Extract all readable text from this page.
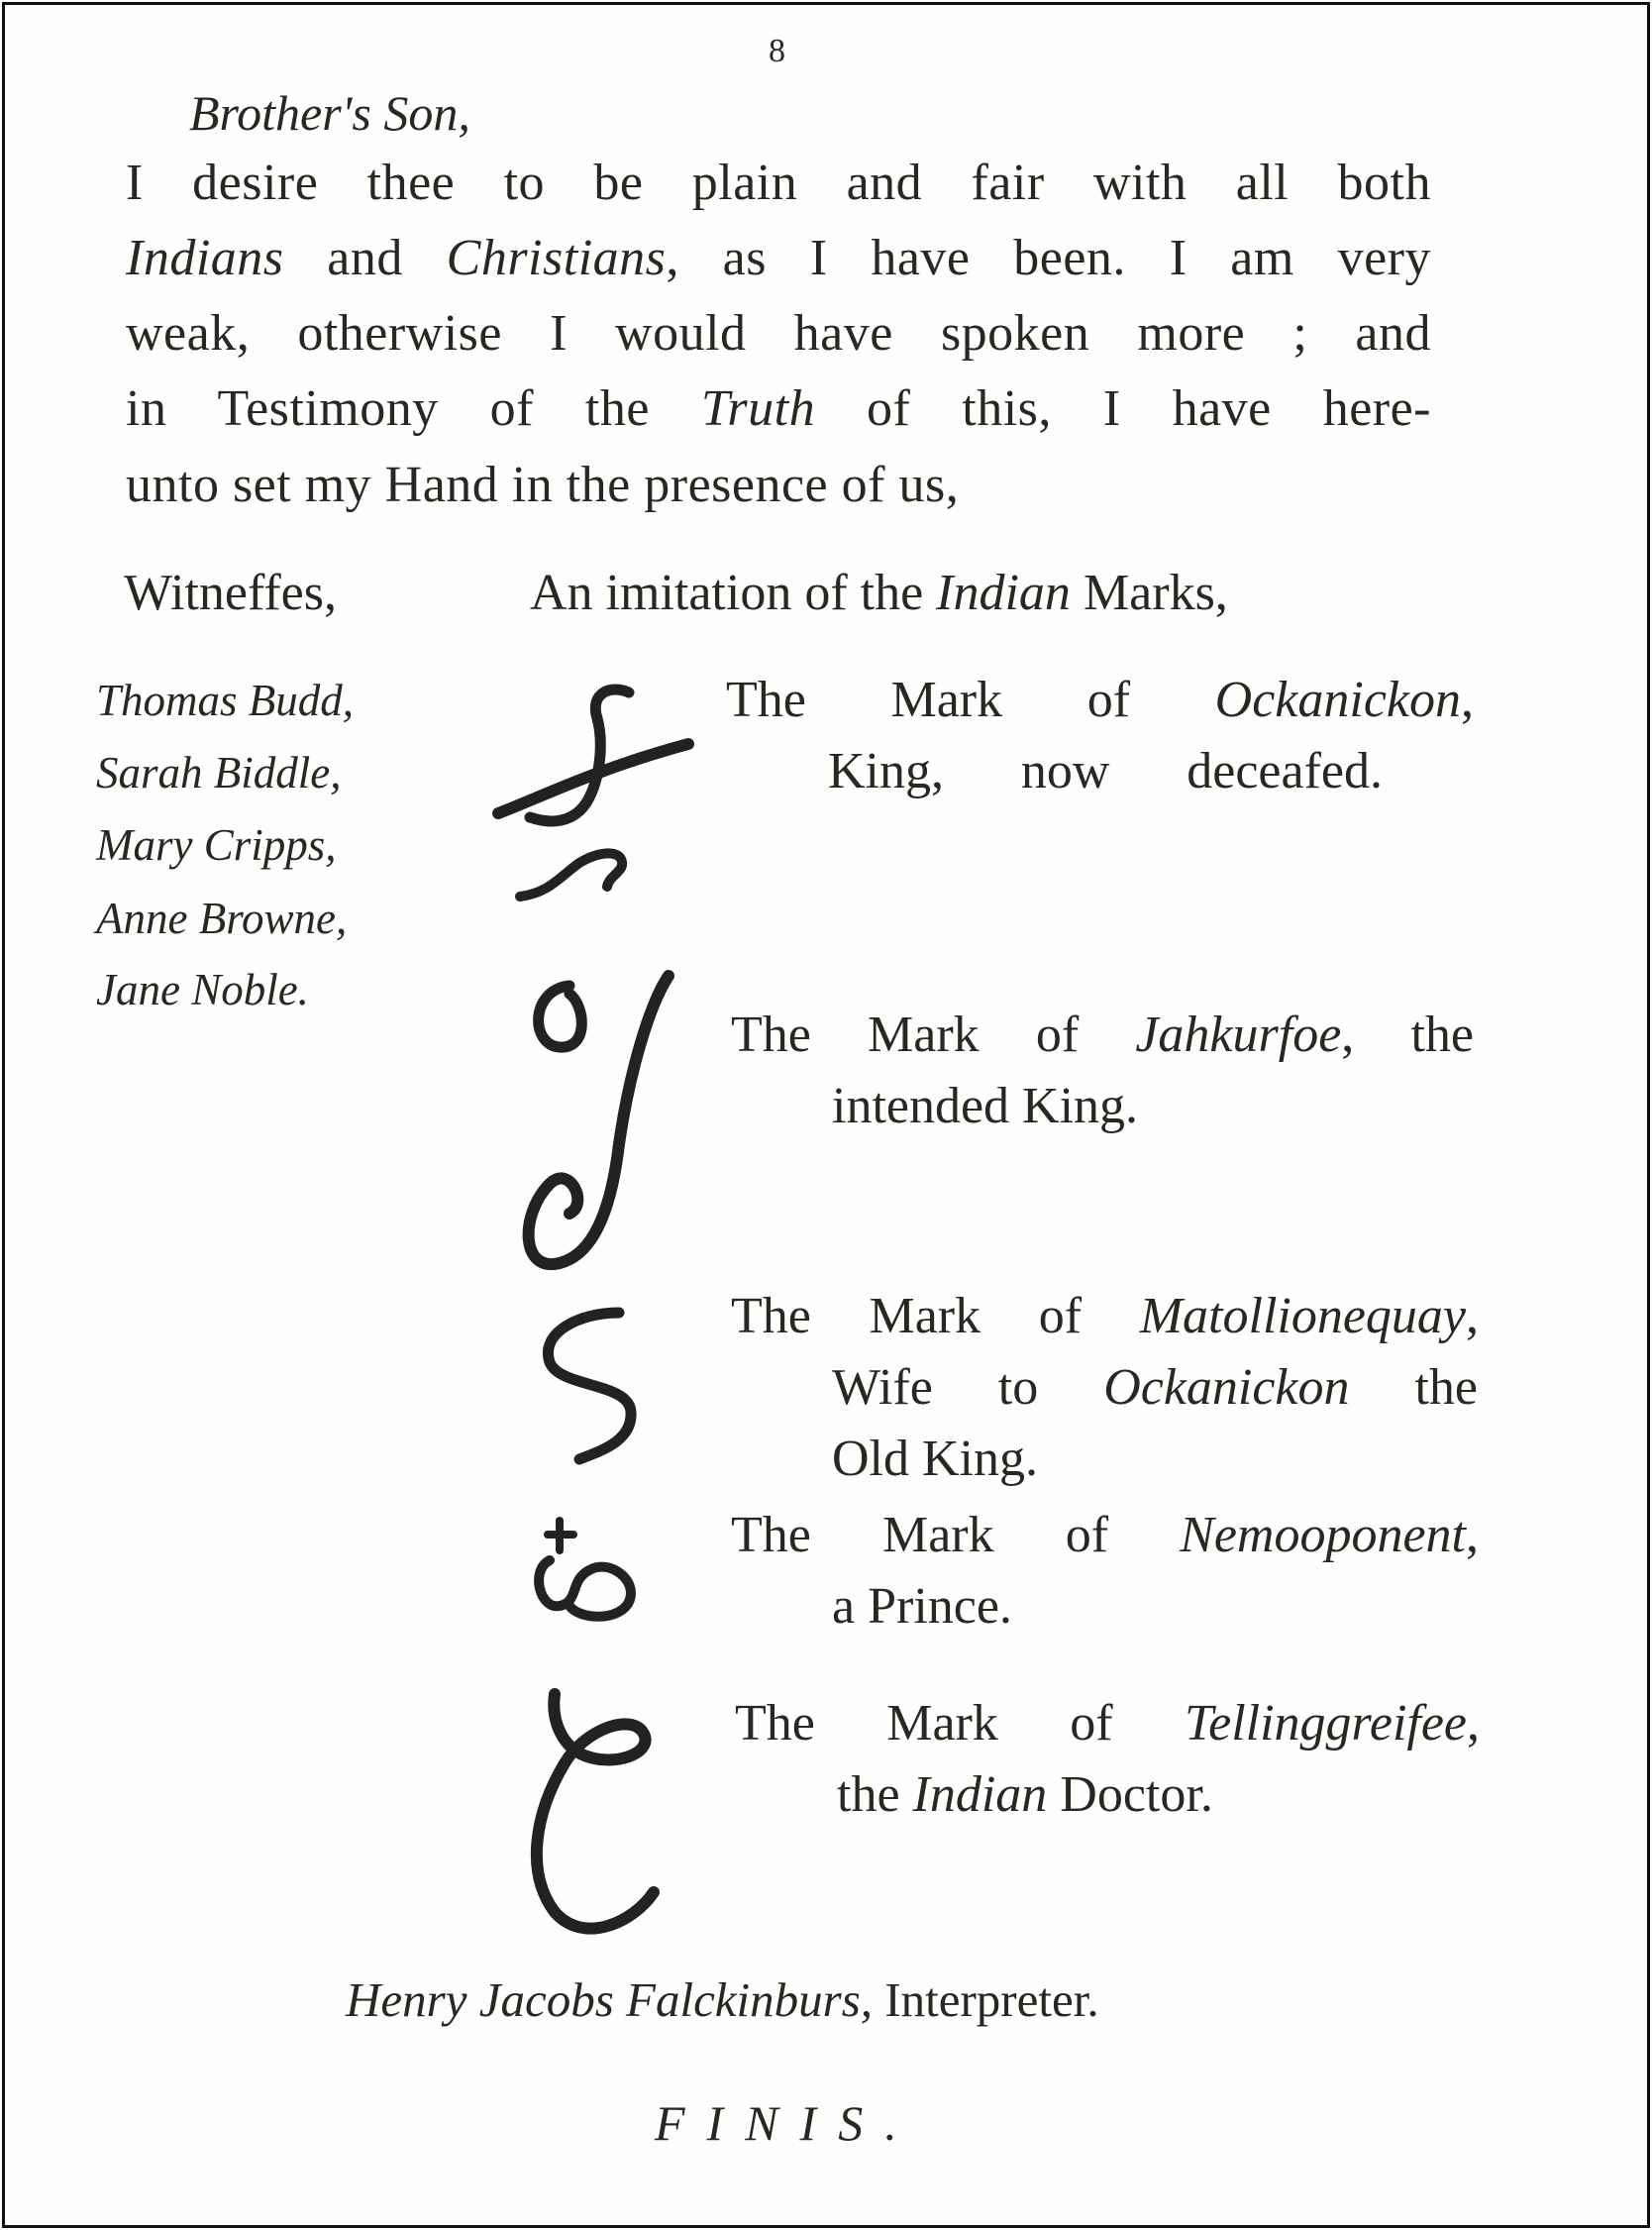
8
Brother's Son,
I desire thee to be plain and fair with all both
Indians and Christians, as I have been. I am very
weak, otherwise I would have spoken more ; and
in Testimony of the Truth of this, I have here-
unto set my Hand in the presence of us,
Witneffes,	An imitation of the Indian Marks,
Thomas Budd,
Sarah Biddle,
Mary Cripps,
Anne Browne,
Jane Noble.
The Mark of Ockanickon,
King, now deceafed.
The Mark of Jahkurfoe, the
intended King.
The Mark of Matollionequay,
Wife to Ockanickon the
Old King.
The Mark of Nemooponent,
a Prince.
The Mark of Tellinggreifee,
the Indian Doctor.
Henry Jacobs Falckinburs, Interpreter.
FINIS.
